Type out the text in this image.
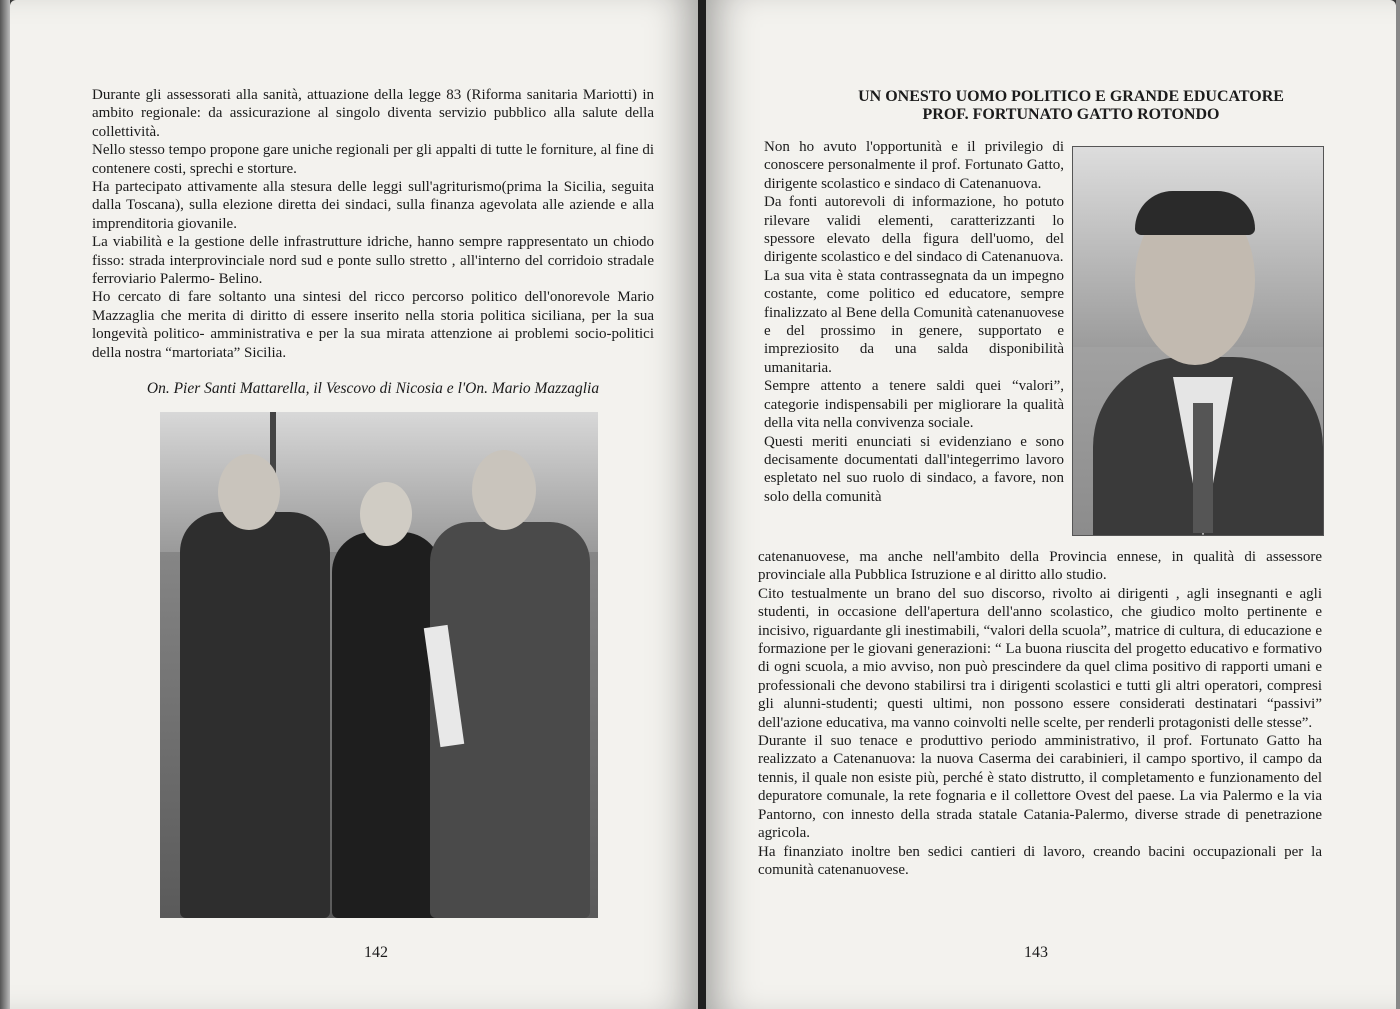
Durante gli assessorati alla sanità, attuazione della legge 83 (Riforma sanitaria Mariotti) in ambito regionale: da assicurazione al singolo diventa servizio pubblico alla salute della collettività.

Nello stesso tempo propone gare uniche regionali per gli appalti di tutte le forniture, al fine di contenere costi, sprechi e storture.

Ha partecipato attivamente alla stesura delle leggi sull'agriturismo(prima la Sicilia, seguita dalla Toscana), sulla elezione diretta dei sindaci, sulla finanza agevolata alle aziende e alla imprenditoria giovanile.

La viabilità e la gestione delle infrastrutture idriche, hanno sempre rappresentato un chiodo fisso: strada interprovinciale nord sud e ponte sullo stretto , all'interno del corridoio stradale ferroviario Palermo- Belino.

Ho cercato di fare soltanto una sintesi del ricco percorso politico dell'onorevole Mario Mazzaglia che merita di diritto di essere inserito nella storia politica siciliana, per la sua longevità politico- amministrativa e per la sua mirata attenzione ai problemi socio-politici della nostra “martoriata” Sicilia.

On. Pier Santi Mattarella, il Vescovo di Nicosia e l'On. Mario Mazzaglia
142
UN ONESTO UOMO POLITICO E GRANDE EDUCATORE
PROF. FORTUNATO GATTO ROTONDO

Non ho avuto l'opportunità e il privilegio di conoscere personalmente il prof. Fortunato Gatto, dirigente scolastico e sindaco di Catenanuova.

Da fonti autorevoli di informazione, ho potuto rilevare validi elementi, caratterizzanti lo spessore elevato della figura dell'uomo, del dirigente scolastico e del sindaco di Catenanuova.

La sua vita è stata contrassegnata da un impegno costante, come politico ed educatore, sempre finalizzato al Bene della Comunità catenanuovese e del prossimo in genere, supportato e impreziosito da una salda disponibilità umanitaria.

Sempre attento a tenere saldi quei “valori”, categorie indispensabili per migliorare la qualità della vita nella convivenza sociale.

Questi meriti enunciati si evidenziano e sono decisamente documentati dall'integerrimo lavoro espletato nel suo ruolo di sindaco, a favore, non solo della comunità

catenanuovese, ma anche nell'ambito della Provincia ennese, in qualità di assessore provinciale alla Pubblica Istruzione e al diritto allo studio.

Cito testualmente un brano del suo discorso, rivolto ai dirigenti , agli insegnanti e agli studenti, in occasione dell'apertura dell'anno scolastico, che giudico molto pertinente e incisivo, riguardante gli inestimabili, “valori della scuola”, matrice di cultura, di educazione e formazione per le giovani generazioni: “ La buona riuscita del progetto educativo e formativo di ogni scuola, a mio avviso, non può prescindere da quel clima positivo di rapporti umani e professionali che devono stabilirsi tra i dirigenti scolastici e tutti gli altri operatori, compresi gli alunni-studenti; questi ultimi, non possono essere considerati destinatari “passivi” dell'azione educativa, ma vanno coinvolti nelle scelte, per renderli protagonisti delle stesse”.

Durante il suo tenace e produttivo periodo amministrativo, il prof. Fortunato Gatto ha realizzato a Catenanuova: la nuova Caserma dei carabinieri, il campo sportivo, il campo da tennis, il quale non esiste più, perché è stato distrutto, il completamento e funzionamento del depuratore comunale, la rete fognaria e il collettore Ovest del paese. La via Palermo e la via Pantorno, con innesto della strada statale Catania-Palermo, diverse strade di penetrazione agricola.

Ha finanziato inoltre ben sedici cantieri di lavoro, creando bacini occupazionali per la comunità catenanuovese.

143
